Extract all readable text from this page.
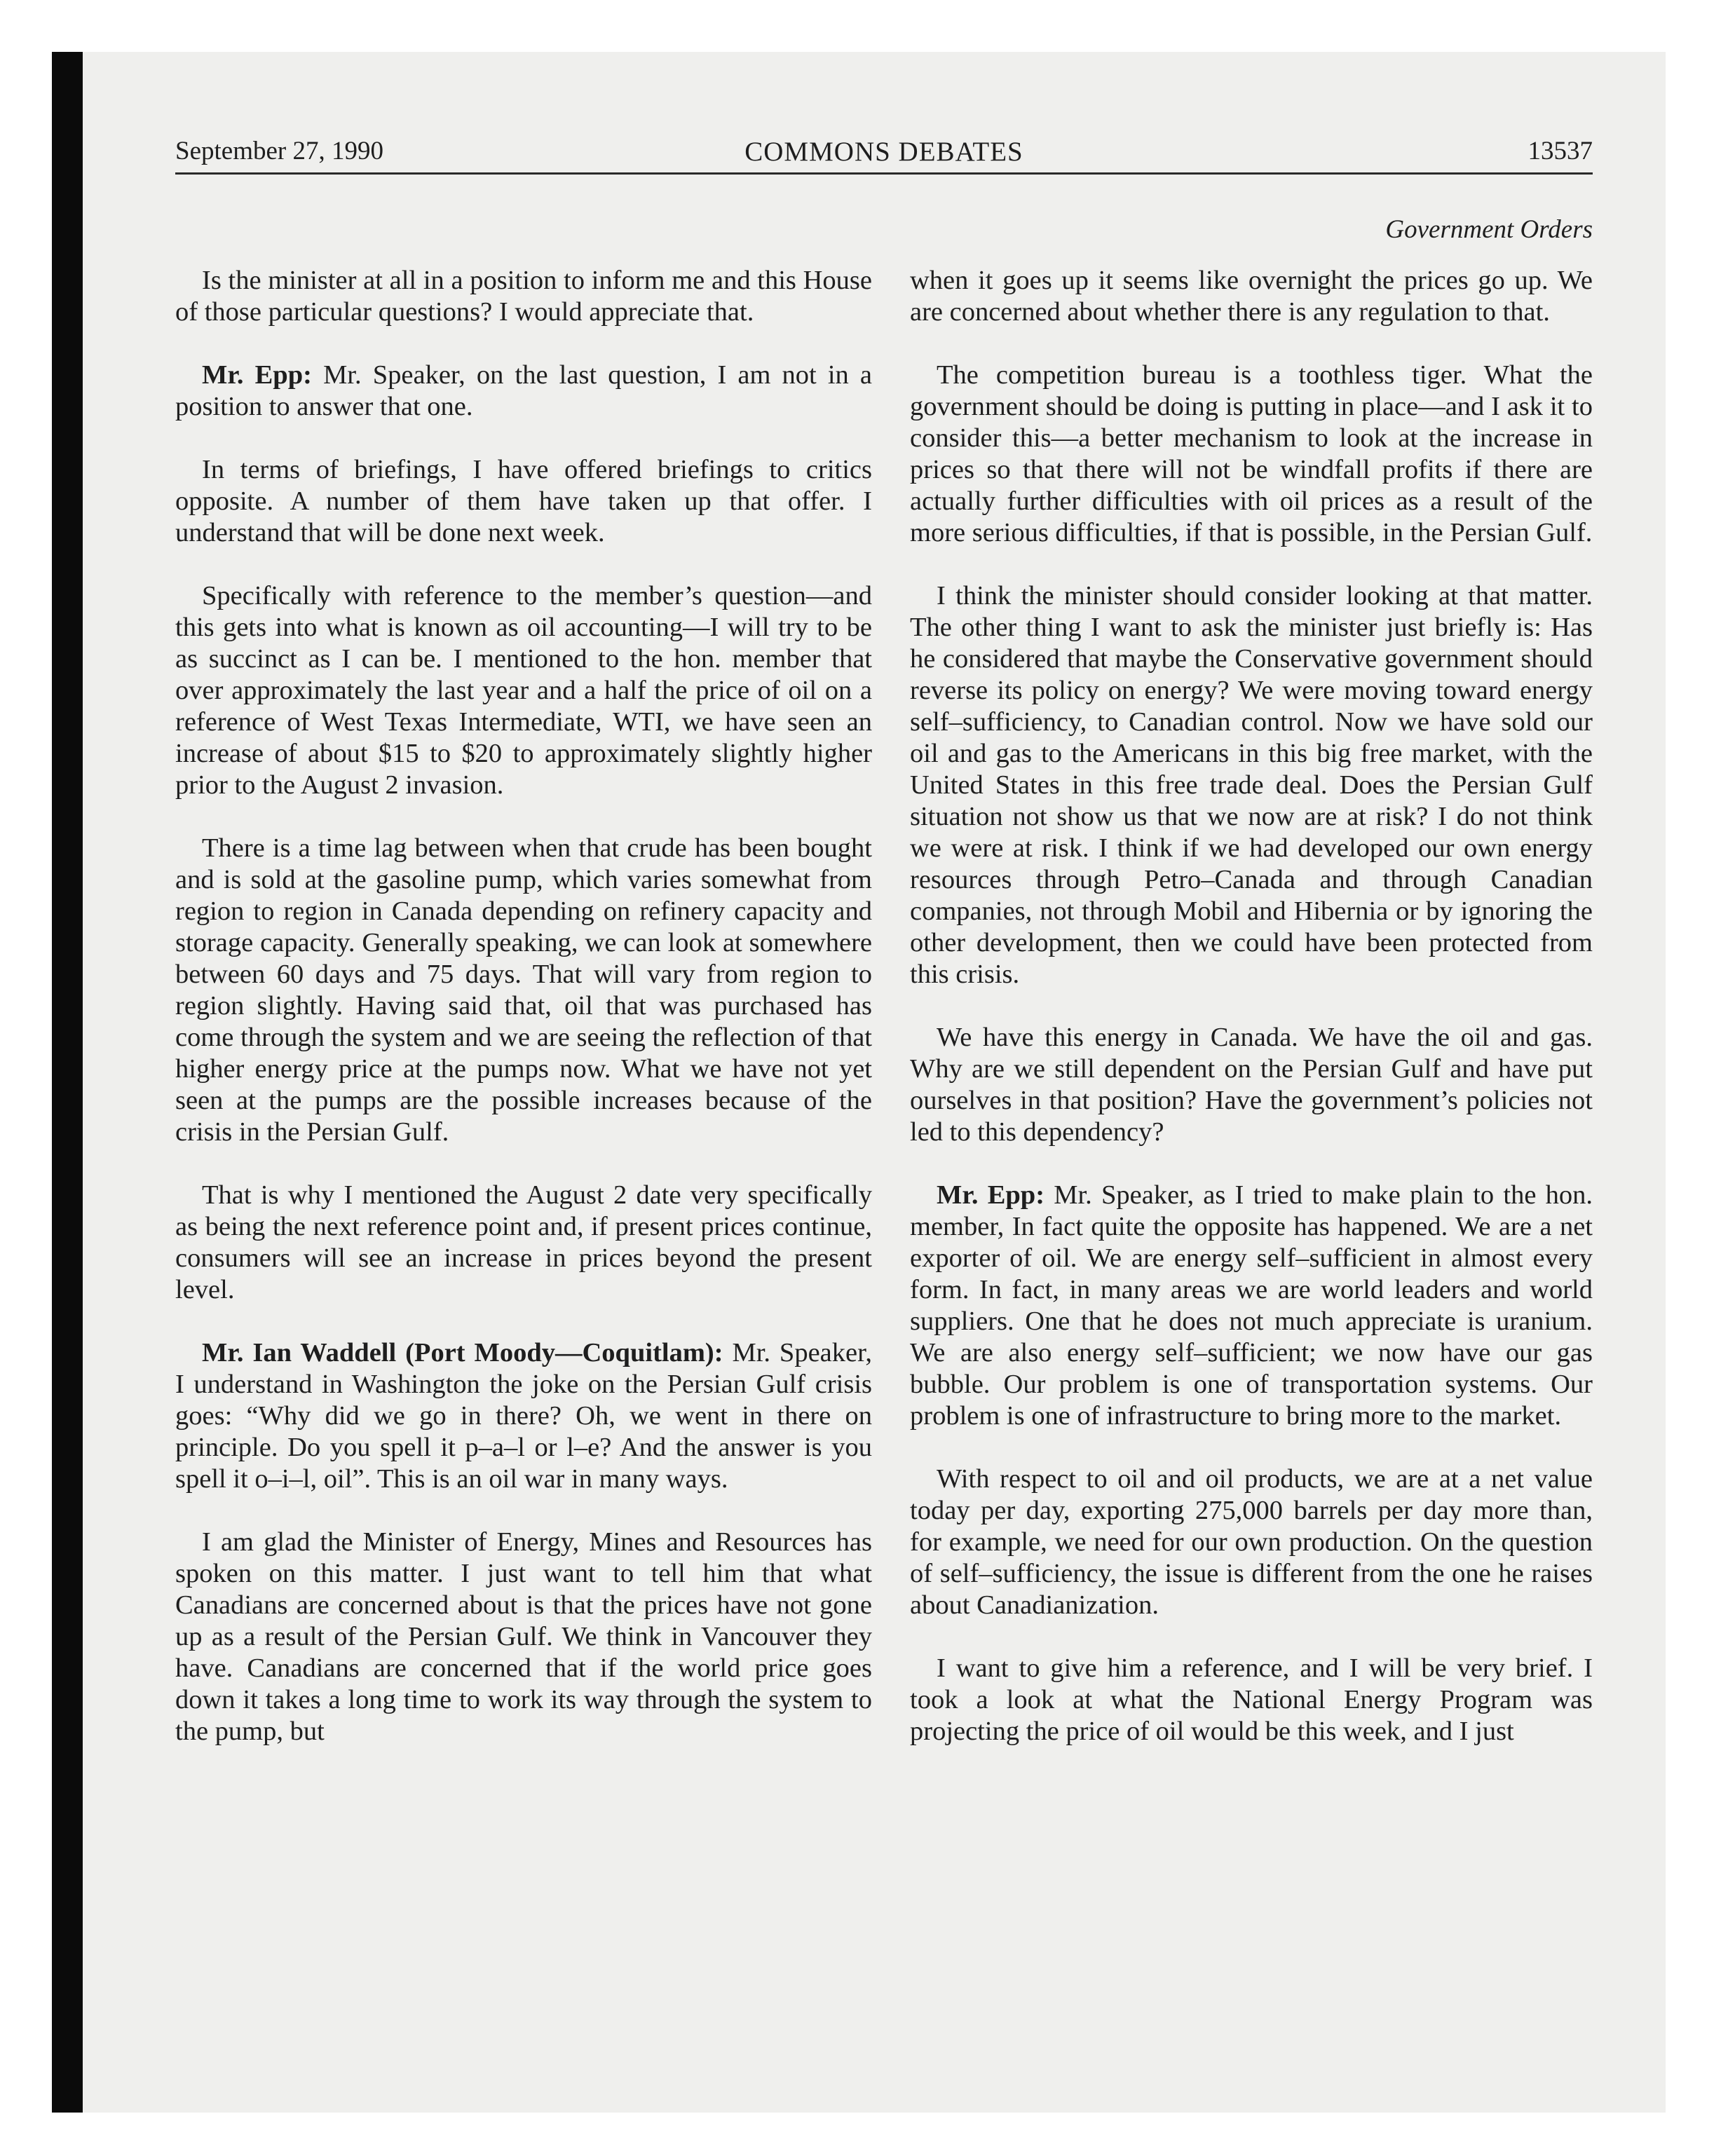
September 27, 1990	COMMONS DEBATES	13537
Government Orders

Is the minister at all in a position to inform me and this House of those particular questions? I would appreciate that.

Mr. Epp: Mr. Speaker, on the last question, I am not in a position to answer that one.

In terms of briefings, I have offered briefings to critics opposite. A number of them have taken up that offer. I understand that will be done next week.

Specifically with reference to the member’s question—and this gets into what is known as oil accounting—I will try to be as succinct as I can be. I mentioned to the hon. member that over approximately the last year and a half the price of oil on a reference of West Texas Intermediate, WTI, we have seen an increase of about $15 to $20 to approximately slightly higher prior to the August 2 invasion.

There is a time lag between when that crude has been bought and is sold at the gasoline pump, which varies somewhat from region to region in Canada depending on refinery capacity and storage capacity. Generally speaking, we can look at somewhere between 60 days and 75 days. That will vary from region to region slightly. Having said that, oil that was purchased has come through the system and we are seeing the reflection of that higher energy price at the pumps now. What we have not yet seen at the pumps are the possible increases because of the crisis in the Persian Gulf.

That is why I mentioned the August 2 date very specifically as being the next reference point and, if present prices continue, consumers will see an increase in prices beyond the present level.

Mr. Ian Waddell (Port Moody—Coquitlam): Mr. Speaker, I understand in Washington the joke on the Persian Gulf crisis goes: “Why did we go in there? Oh, we went in there on principle. Do you spell it p–a–l or l–e? And the answer is you spell it o–i–l, oil”. This is an oil war in many ways.

I am glad the Minister of Energy, Mines and Resources has spoken on this matter. I just want to tell him that what Canadians are concerned about is that the prices have not gone up as a result of the Persian Gulf. We think in Vancouver they have. Canadians are concerned that if the world price goes down it takes a long time to work its way through the system to the pump, but

when it goes up it seems like overnight the prices go up. We are concerned about whether there is any regulation to that.

The competition bureau is a toothless tiger. What the government should be doing is putting in place—and I ask it to consider this—a better mechanism to look at the increase in prices so that there will not be windfall profits if there are actually further difficulties with oil prices as a result of the more serious difficulties, if that is possible, in the Persian Gulf.

I think the minister should consider looking at that matter. The other thing I want to ask the minister just briefly is: Has he considered that maybe the Conservative government should reverse its policy on energy? We were moving toward energy self–sufficiency, to Canadian control. Now we have sold our oil and gas to the Americans in this big free market, with the United States in this free trade deal. Does the Persian Gulf situation not show us that we now are at risk? I do not think we were at risk. I think if we had developed our own energy resources through Petro–Canada and through Canadian companies, not through Mobil and Hibernia or by ignoring the other development, then we could have been protected from this crisis.

We have this energy in Canada. We have the oil and gas. Why are we still dependent on the Persian Gulf and have put ourselves in that position? Have the government’s policies not led to this dependency?

Mr. Epp: Mr. Speaker, as I tried to make plain to the hon. member, In fact quite the opposite has happened. We are a net exporter of oil. We are energy self–sufficient in almost every form. In fact, in many areas we are world leaders and world suppliers. One that he does not much appreciate is uranium. We are also energy self–sufficient; we now have our gas bubble. Our problem is one of transportation systems. Our problem is one of infrastructure to bring more to the market.

With respect to oil and oil products, we are at a net value today per day, exporting 275,000 barrels per day more than, for example, we need for our own production. On the question of self–sufficiency, the issue is different from the one he raises about Canadianization.

I want to give him a reference, and I will be very brief. I took a look at what the National Energy Program was projecting the price of oil would be this week, and I just
